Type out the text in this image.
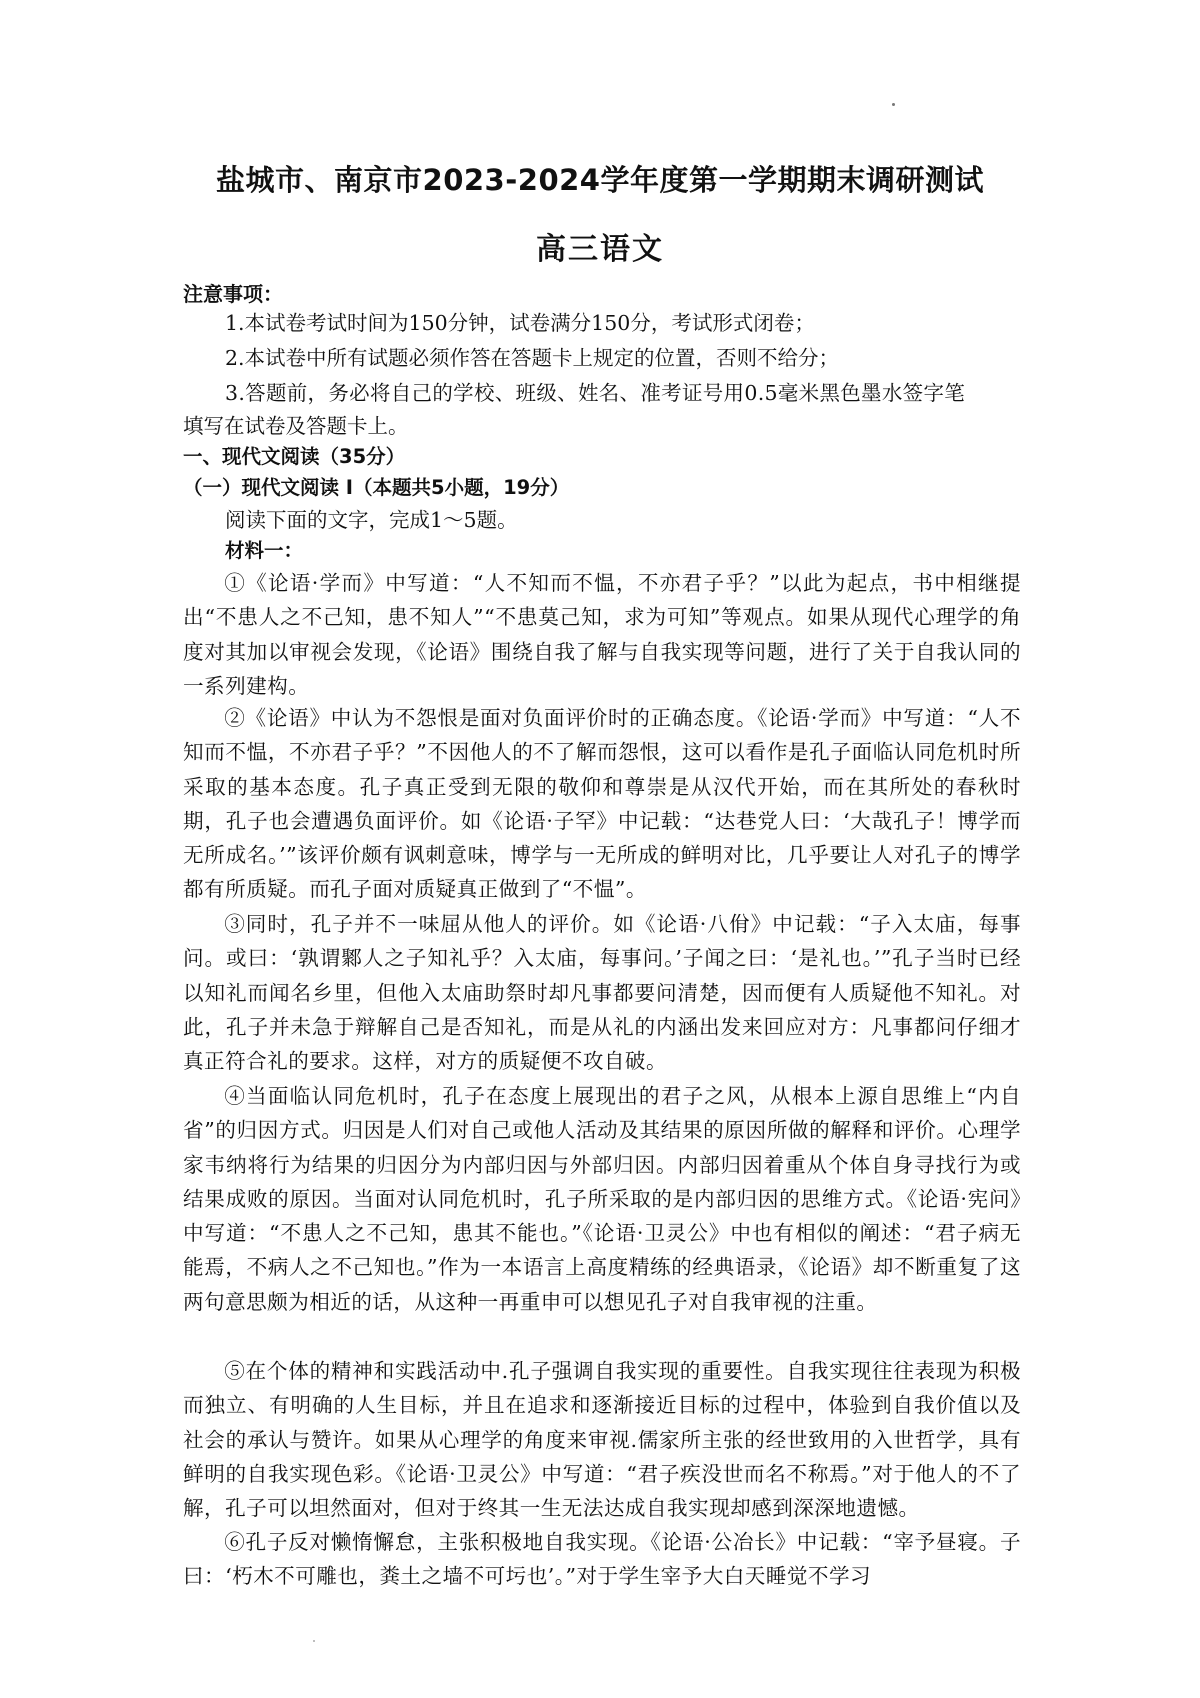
盐城市、南京市2023-2024学年度第一学期期末调研测试
高三语文
注意事项：
1.本试卷考试时间为150分钟，试卷满分150分，考试形式闭卷；
2.本试卷中所有试题必须作答在答题卡上规定的位置，否则不给分；
3.答题前，务必将自己的学校、班级、姓名、准考证号用0.5毫米黑色墨水签字笔
填写在试卷及答题卡上。
一、现代文阅读（35分）
（一）现代文阅读 I（本题共5小题，19分）
阅读下面的文字，完成1～5题。
材料一：
①《论语·学而》中写道：“人不知而不愠，不亦君子乎？”以此为起点，书中相继提出“不患人之不己知，患不知人”“不患莫己知，求为可知”等观点。如果从现代心理学的角度对其加以审视会发现，《论语》围绕自我了解与自我实现等问题，进行了关于自我认同的一系列建构。
②《论语》中认为不怨恨是面对负面评价时的正确态度。《论语·学而》中写道：“人不知而不愠，不亦君子乎？”不因他人的不了解而怨恨，这可以看作是孔子面临认同危机时所采取的基本态度。孔子真正受到无限的敬仰和尊崇是从汉代开始，而在其所处的春秋时期，孔子也会遭遇负面评价。如《论语·子罕》中记载：“达巷党人曰：‘大哉孔子！博学而无所成名。’”该评价颇有讽刺意味，博学与一无所成的鲜明对比，几乎要让人对孔子的博学都有所质疑。而孔子面对质疑真正做到了“不愠”。
③同时，孔子并不一味屈从他人的评价。如《论语·八佾》中记载：“子入太庙，每事问。或曰：‘孰谓鄹人之子知礼乎？入太庙，每事问。’子闻之曰：‘是礼也。’”孔子当时已经以知礼而闻名乡里，但他入太庙助祭时却凡事都要问清楚，因而便有人质疑他不知礼。对此，孔子并未急于辩解自己是否知礼，而是从礼的内涵出发来回应对方：凡事都问仔细才真正符合礼的要求。这样，对方的质疑便不攻自破。
④当面临认同危机时，孔子在态度上展现出的君子之风，从根本上源自思维上“内自省”的归因方式。归因是人们对自己或他人活动及其结果的原因所做的解释和评价。心理学家韦纳将行为结果的归因分为内部归因与外部归因。内部归因着重从个体自身寻找行为或结果成败的原因。当面对认同危机时，孔子所采取的是内部归因的思维方式。《论语·宪问》中写道：“不患人之不己知，患其不能也。”《论语·卫灵公》中也有相似的阐述：“君子病无能焉，不病人之不己知也。”作为一本语言上高度精练的经典语录，《论语》却不断重复了这两句意思颇为相近的话，从这种一再重申可以想见孔子对自我审视的注重。
⑤在个体的精神和实践活动中.孔子强调自我实现的重要性。自我实现往往表现为积极而独立、有明确的人生目标，并且在追求和逐渐接近目标的过程中，体验到自我价值以及社会的承认与赞许。如果从心理学的角度来审视.儒家所主张的经世致用的入世哲学，具有鲜明的自我实现色彩。《论语·卫灵公》中写道：“君子疾没世而名不称焉。”对于他人的不了解，孔子可以坦然面对，但对于终其一生无法达成自我实现却感到深深地遗憾。
⑥孔子反对懒惰懈怠，主张积极地自我实现。《论语·公冶长》中记载：“宰予昼寝。子曰：‘朽木不可雕也，粪土之墙不可圬也’。”对于学生宰予大白天睡觉不学习
